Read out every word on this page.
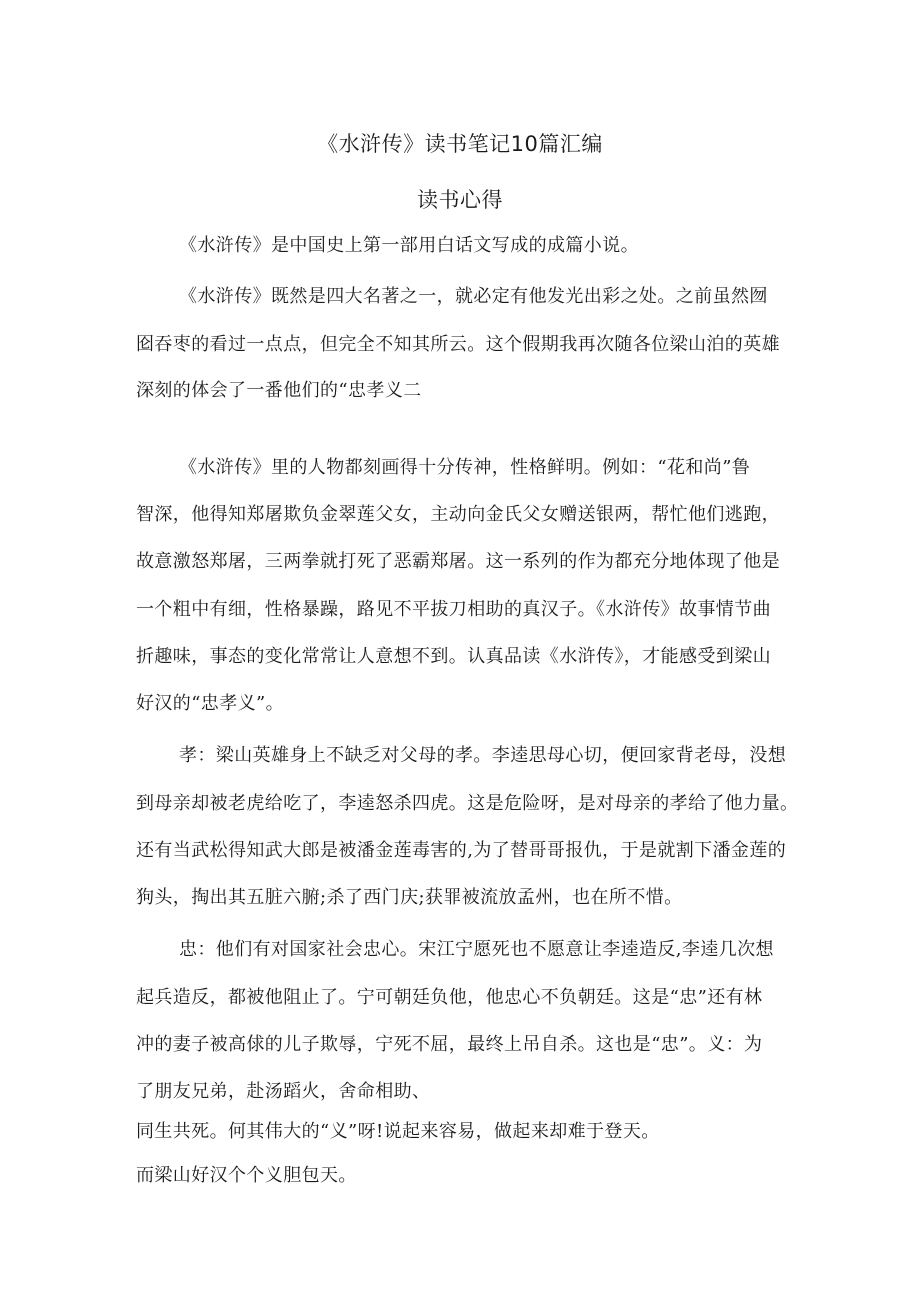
《水浒传》读书笔记10篇汇编
读书心得
《水浒传》是中国史上第一部用白话文写成的成篇小说。
《水浒传》既然是四大名著之一，就必定有他发光出彩之处。之前虽然囫
囵吞枣的看过一点点，但完全不知其所云。这个假期我再次随各位梁山泊的英雄
深刻的体会了一番他们的“忠孝义二
《水浒传》里的人物都刻画得十分传神，性格鲜明。例如：“花和尚”鲁
智深，他得知郑屠欺负金翠莲父女，主动向金氏父女赠送银两，帮忙他们逃跑，
故意激怒郑屠，三两拳就打死了恶霸郑屠。这一系列的作为都充分地体现了他是
一个粗中有细，性格暴躁，路见不平拔刀相助的真汉子。《水浒传》故事情节曲
折趣味，事态的变化常常让人意想不到。认真品读《水浒传》，才能感受到梁山
好汉的“忠孝义”。
孝：梁山英雄身上不缺乏对父母的孝。李逵思母心切，便回家背老母，没想
到母亲却被老虎给吃了，李逵怒杀四虎。这是危险呀，是对母亲的孝给了他力量。
还有当武松得知武大郎是被潘金莲毒害的,为了替哥哥报仇，于是就割下潘金莲的
狗头，掏出其五脏六腑;杀了西门庆;获罪被流放孟州，也在所不惜。
忠：他们有对国家社会忠心。宋江宁愿死也不愿意让李逵造反,李逵几次想
起兵造反，都被他阻止了。宁可朝廷负他，他忠心不负朝廷。这是“忠”还有林
冲的妻子被高俅的儿子欺辱，宁死不屈，最终上吊自杀。这也是“忠”。义：为
了朋友兄弟，赴汤蹈火，舍命相助、
同生共死。何其伟大的“义”呀!说起来容易，做起来却难于登天。
而梁山好汉个个义胆包天。
